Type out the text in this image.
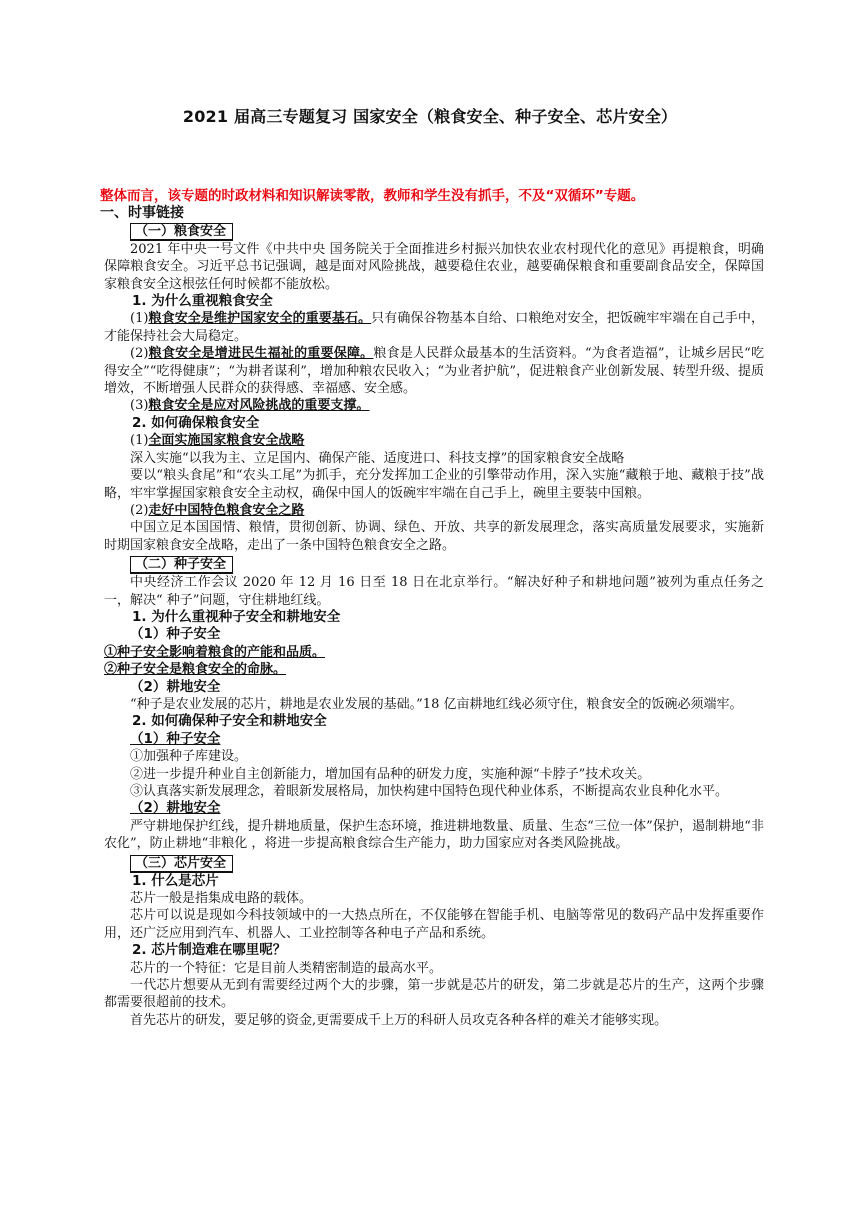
2021 届高三专题复习 国家安全（粮食安全、种子安全、芯片安全）
整体而言，该专题的时政材料和知识解读零散，教师和学生没有抓手，不及“双循环”专题。
一、时事链接
（一）粮食安全
2021 年中央一号文件《中共中央 国务院关于全面推进乡村振兴加快农业农村现代化的意见》再提粮食，明确保障粮食安全。习近平总书记强调，越是面对风险挑战，越要稳住农业，越要确保粮食和重要副食品安全，保障国家粮食安全这根弦任何时候都不能放松。
1. 为什么重视粮食安全
(1)粮食安全是维护国家安全的重要基石。只有确保谷物基本自给、口粮绝对安全，把饭碗牢牢端在自己手中，才能保持社会大局稳定。
(2)粮食安全是增进民生福祉的重要保障。粮食是人民群众最基本的生活资料。“为食者造福”，让城乡居民“吃得安全”“吃得健康”；“为耕者谋利”，增加种粮农民收入；“为业者护航”，促进粮食产业创新发展、转型升级、提质增效，不断增强人民群众的获得感、幸福感、安全感。
(3)粮食安全是应对风险挑战的重要支撑。
2. 如何确保粮食安全
(1)全面实施国家粮食安全战略
深入实施“以我为主、立足国内、确保产能、适度进口、科技支撑”的国家粮食安全战略
要以“粮头食尾”和“农头工尾”为抓手，充分发挥加工企业的引擎带动作用，深入实施“藏粮于地、藏粮于技”战略，牢牢掌握国家粮食安全主动权，确保中国人的饭碗牢牢端在自己手上，碗里主要装中国粮。
(2)走好中国特色粮食安全之路
中国立足本国国情、粮情，贯彻创新、协调、绿色、开放、共享的新发展理念，落实高质量发展要求，实施新时期国家粮食安全战略，走出了一条中国特色粮食安全之路。
（二）种子安全
中央经济工作会议 2020 年 12 月 16 日至 18 日在北京举行。“解决好种子和耕地问题”被列为重点任务之一，解决“ 种子”问题，守住耕地红线。
1. 为什么重视种子安全和耕地安全
（1）种子安全
①种子安全影响着粮食的产能和品质。
②种子安全是粮食安全的命脉。
（2）耕地安全
“种子是农业发展的芯片，耕地是农业发展的基础。”18 亿亩耕地红线必须守住，粮食安全的饭碗必须端牢。
2. 如何确保种子安全和耕地安全
（1）种子安全
①加强种子库建设。
②进一步提升种业自主创新能力，增加国有品种的研发力度，实施种源“卡脖子”技术攻关。
③认真落实新发展理念，着眼新发展格局，加快构建中国特色现代种业体系，不断提高农业良种化水平。
（2）耕地安全
严守耕地保护红线，提升耕地质量，保护生态环境，推进耕地数量、质量、生态“三位一体”保护，遏制耕地“非农化”，防止耕地“非粮化 ，将进一步提高粮食综合生产能力，助力国家应对各类风险挑战。
（三）芯片安全
1. 什么是芯片
芯片一般是指集成电路的载体。
芯片可以说是现如今科技领域中的一大热点所在，不仅能够在智能手机、电脑等常见的数码产品中发挥重要作用，还广泛应用到汽车、机器人、工业控制等各种电子产品和系统。
2. 芯片制造难在哪里呢？
芯片的一个特征：它是目前人类精密制造的最高水平。
一代芯片想要从无到有需要经过两个大的步骤，第一步就是芯片的研发，第二步就是芯片的生产，这两个步骤都需要很超前的技术。
首先芯片的研发，要足够的资金,更需要成千上万的科研人员攻克各种各样的难关才能够实现。
